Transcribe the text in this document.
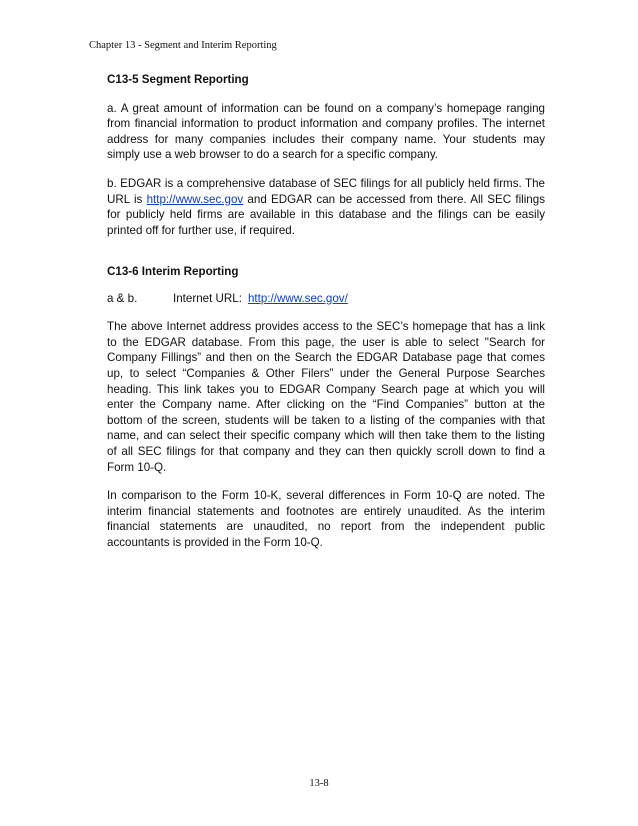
Chapter 13 - Segment and Interim Reporting
C13-5 Segment Reporting

a. A great amount of information can be found on a company’s homepage ranging from financial information to product information and company profiles. The internet address for many companies includes their company name. Your students may simply use a web browser to do a search for a specific company.

b. EDGAR is a comprehensive database of SEC filings for all publicly held firms. The URL is http://www.sec.gov and EDGAR can be accessed from there. All SEC filings for publicly held firms are available in this database and the filings can be easily printed off for further use, if required.

C13-6 Interim Reporting
a & b.	Internet URL: http://www.sec.gov/

The above Internet address provides access to the SEC’s homepage that has a link to the EDGAR database. From this page, the user is able to select "Search for Company Fillings” and then on the Search the EDGAR Database page that comes up, to select “Companies & Other Filers” under the General Purpose Searches heading. This link takes you to EDGAR Company Search page at which you will enter the Company name. After clicking on the “Find Companies” button at the bottom of the screen, students will be taken to a listing of the companies with that name, and can select their specific company which will then take them to the listing of all SEC filings for that company and they can then quickly scroll down to find a Form 10-Q.

In comparison to the Form 10-K, several differences in Form 10-Q are noted. The interim financial statements and footnotes are entirely unaudited. As the interim financial statements are unaudited, no report from the independent public accountants is provided in the Form 10-Q.

13-8
